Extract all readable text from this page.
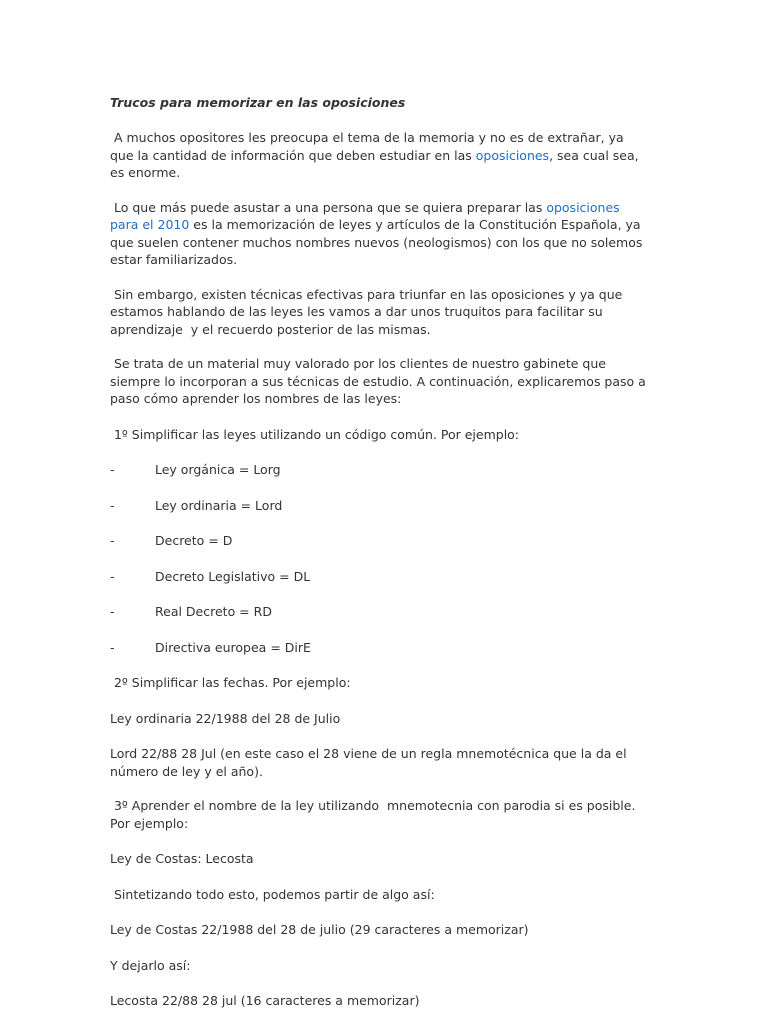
Trucos para memorizar en las oposiciones

A muchos opositores les preocupa el tema de la memoria y no es de extrañar, ya que la cantidad de información que deben estudiar en las oposiciones, sea cual sea, es enorme.

Lo que más puede asustar a una persona que se quiera preparar las oposiciones para el 2010 es la memorización de leyes y artículos de la Constitución Española, ya que suelen contener muchos nombres nuevos (neologismos) con los que no solemos estar familiarizados.

Sin embargo, existen técnicas efectivas para triunfar en las oposiciones y ya que estamos hablando de las leyes les vamos a dar unos truquitos para facilitar su  aprendizaje  y el recuerdo posterior de las mismas.

Se trata de un material muy valorado por los clientes de nuestro gabinete que siempre lo incorporan a sus técnicas de estudio. A continuación, explicaremos paso a paso cómo aprender los nombres de las leyes:

1º Simplificar las leyes utilizando un código común. Por ejemplo:

-	Ley orgánica = Lorg
-	Ley ordinaria = Lord
-	Decreto = D
-	Decreto Legislativo = DL
-	Real Decreto = RD
-	Directiva europea = DirE

2º Simplificar las fechas. Por ejemplo:

Ley ordinaria 22/1988 del 28 de Julio

Lord 22/88 28 Jul (en este caso el 28 viene de un regla mnemotécnica que la da el número de ley y el año).

3º Aprender el nombre de la ley utilizando  mnemotecnia con parodia si es posible. Por ejemplo:

Ley de Costas: Lecosta

Sintetizando todo esto, podemos partir de algo así:

Ley de Costas 22/1988 del 28 de julio (29 caracteres a memorizar)

Y dejarlo así:

Lecosta 22/88 28 jul (16 caracteres a memorizar)
